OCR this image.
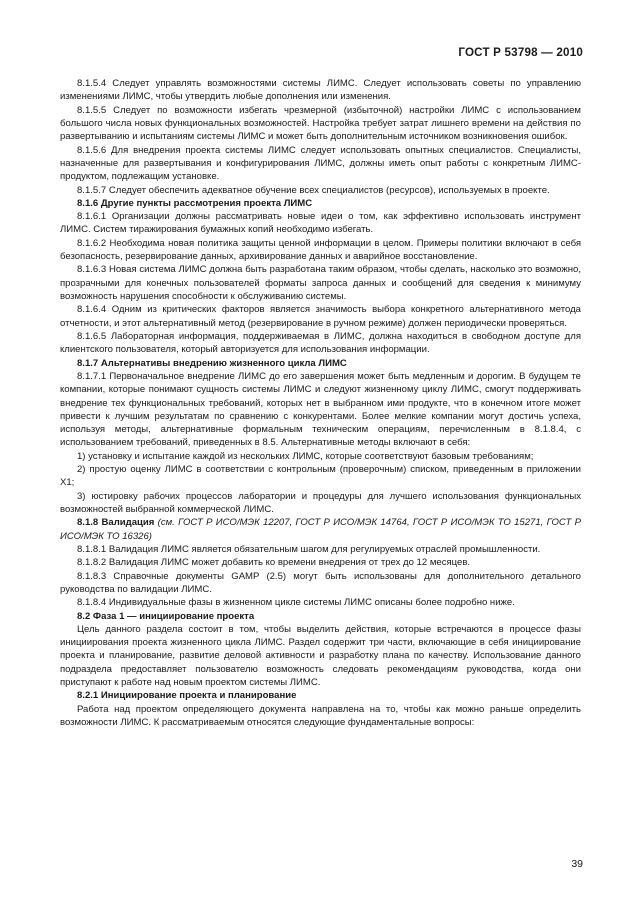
ГОСТ Р 53798 — 2010

8.1.5.4 Следует управлять возможностями системы ЛИМС. Следует использовать советы по управлению изменениями ЛИМС, чтобы утвердить любые дополнения или изменения.

8.1.5.5 Следует по возможности избегать чрезмерной (избыточной) настройки ЛИМС с использованием большого числа новых функциональных возможностей. Настройка требует затрат лишнего времени на действия по развертыванию и испытаниям системы ЛИМС и может быть дополнительным источником возникновения ошибок.

8.1.5.6 Для внедрения проекта системы ЛИМС следует использовать опытных специалистов. Специалисты, назначенные для развертывания и конфигурирования ЛИМС, должны иметь опыт работы с конкретным ЛИМС-продуктом, подлежащим установке.

8.1.5.7 Следует обеспечить адекватное обучение всех специалистов (ресурсов), используемых в проекте.

8.1.6 Другие пункты рассмотрения проекта ЛИМС

8.1.6.1 Организации должны рассматривать новые идеи о том, как эффективно использовать инструмент ЛИМС. Систем тиражирования бумажных копий необходимо избегать.

8.1.6.2 Необходима новая политика защиты ценной информации в целом. Примеры политики включают в себя безопасность, резервирование данных, архивирование данных и аварийное восстановление.

8.1.6.3 Новая система ЛИМС должна быть разработана таким образом, чтобы сделать, насколько это возможно, прозрачными для конечных пользователей форматы запроса данных и сообщений для сведения к минимуму возможность нарушения способности к обслуживанию системы.

8.1.6.4 Одним из критических факторов является значимость выбора конкретного альтернативного метода отчетности, и этот альтернативный метод (резервирование в ручном режиме) должен периодически проверяться.

8.1.6.5 Лабораторная информация, поддерживаемая в ЛИМС, должна находиться в свободном доступе для клиентского пользователя, который авторизуется для использования информации.

8.1.7 Альтернативы внедрению жизненного цикла ЛИМС

8.1.7.1 Первоначальное внедрение ЛИМС до его завершения может быть медленным и дорогим. В будущем те компании, которые понимают сущность системы ЛИМС и следуют жизненному циклу ЛИМС, смогут поддерживать внедрение тех функциональных требований, которых нет в выбранном ими продукте, что в конечном итоге может привести к лучшим результатам по сравнению с конкурентами. Более мелкие компании могут достичь успеха, используя методы, альтернативные формальным техническим операциям, перечисленным в 8.1.8.4, с использованием требований, приведенных в 8.5. Альтернативные методы включают в себя:

1) установку и испытание каждой из нескольких ЛИМС, которые соответствуют базовым требованиям;

2) простую оценку ЛИМС в соответствии с контрольным (проверочным) списком, приведенным в приложении Х1;

3) юстировку рабочих процессов лаборатории и процедуры для лучшего использования функциональных возможностей выбранной коммерческой ЛИМС.

8.1.8 Валидация (см. ГОСТ Р ИСО/МЭК 12207, ГОСТ Р ИСО/МЭК 14764, ГОСТ Р ИСО/МЭК ТО 15271, ГОСТ Р ИСО/МЭК ТО 16326)

8.1.8.1 Валидация ЛИМС является обязательным шагом для регулируемых отраслей промышленности.

8.1.8.2 Валидация ЛИМС может добавить ко времени внедрения от трех до 12 месяцев.

8.1.8.3 Справочные документы GAMP (2.5) могут быть использованы для дополнительного детального руководства по валидации ЛИМС.

8.1.8.4 Индивидуальные фазы в жизненном цикле системы ЛИМС описаны более подробно ниже.

8.2 Фаза 1 — инициирование проекта

Цель данного раздела состоит в том, чтобы выделить действия, которые встречаются в процессе фазы инициирования проекта жизненного цикла ЛИМС. Раздел содержит три части, включающие в себя инициирование проекта и планирование, развитие деловой активности и разработку плана по качеству. Использование данного подраздела предоставляет пользователю возможность следовать рекомендациям руководства, когда они приступают к работе над новым проектом системы ЛИМС.

8.2.1 Инициирование проекта и планирование

Работа над проектом определяющего документа направлена на то, чтобы как можно раньше определить возможности ЛИМС. К рассматриваемым относятся следующие фундаментальные вопросы:

39
